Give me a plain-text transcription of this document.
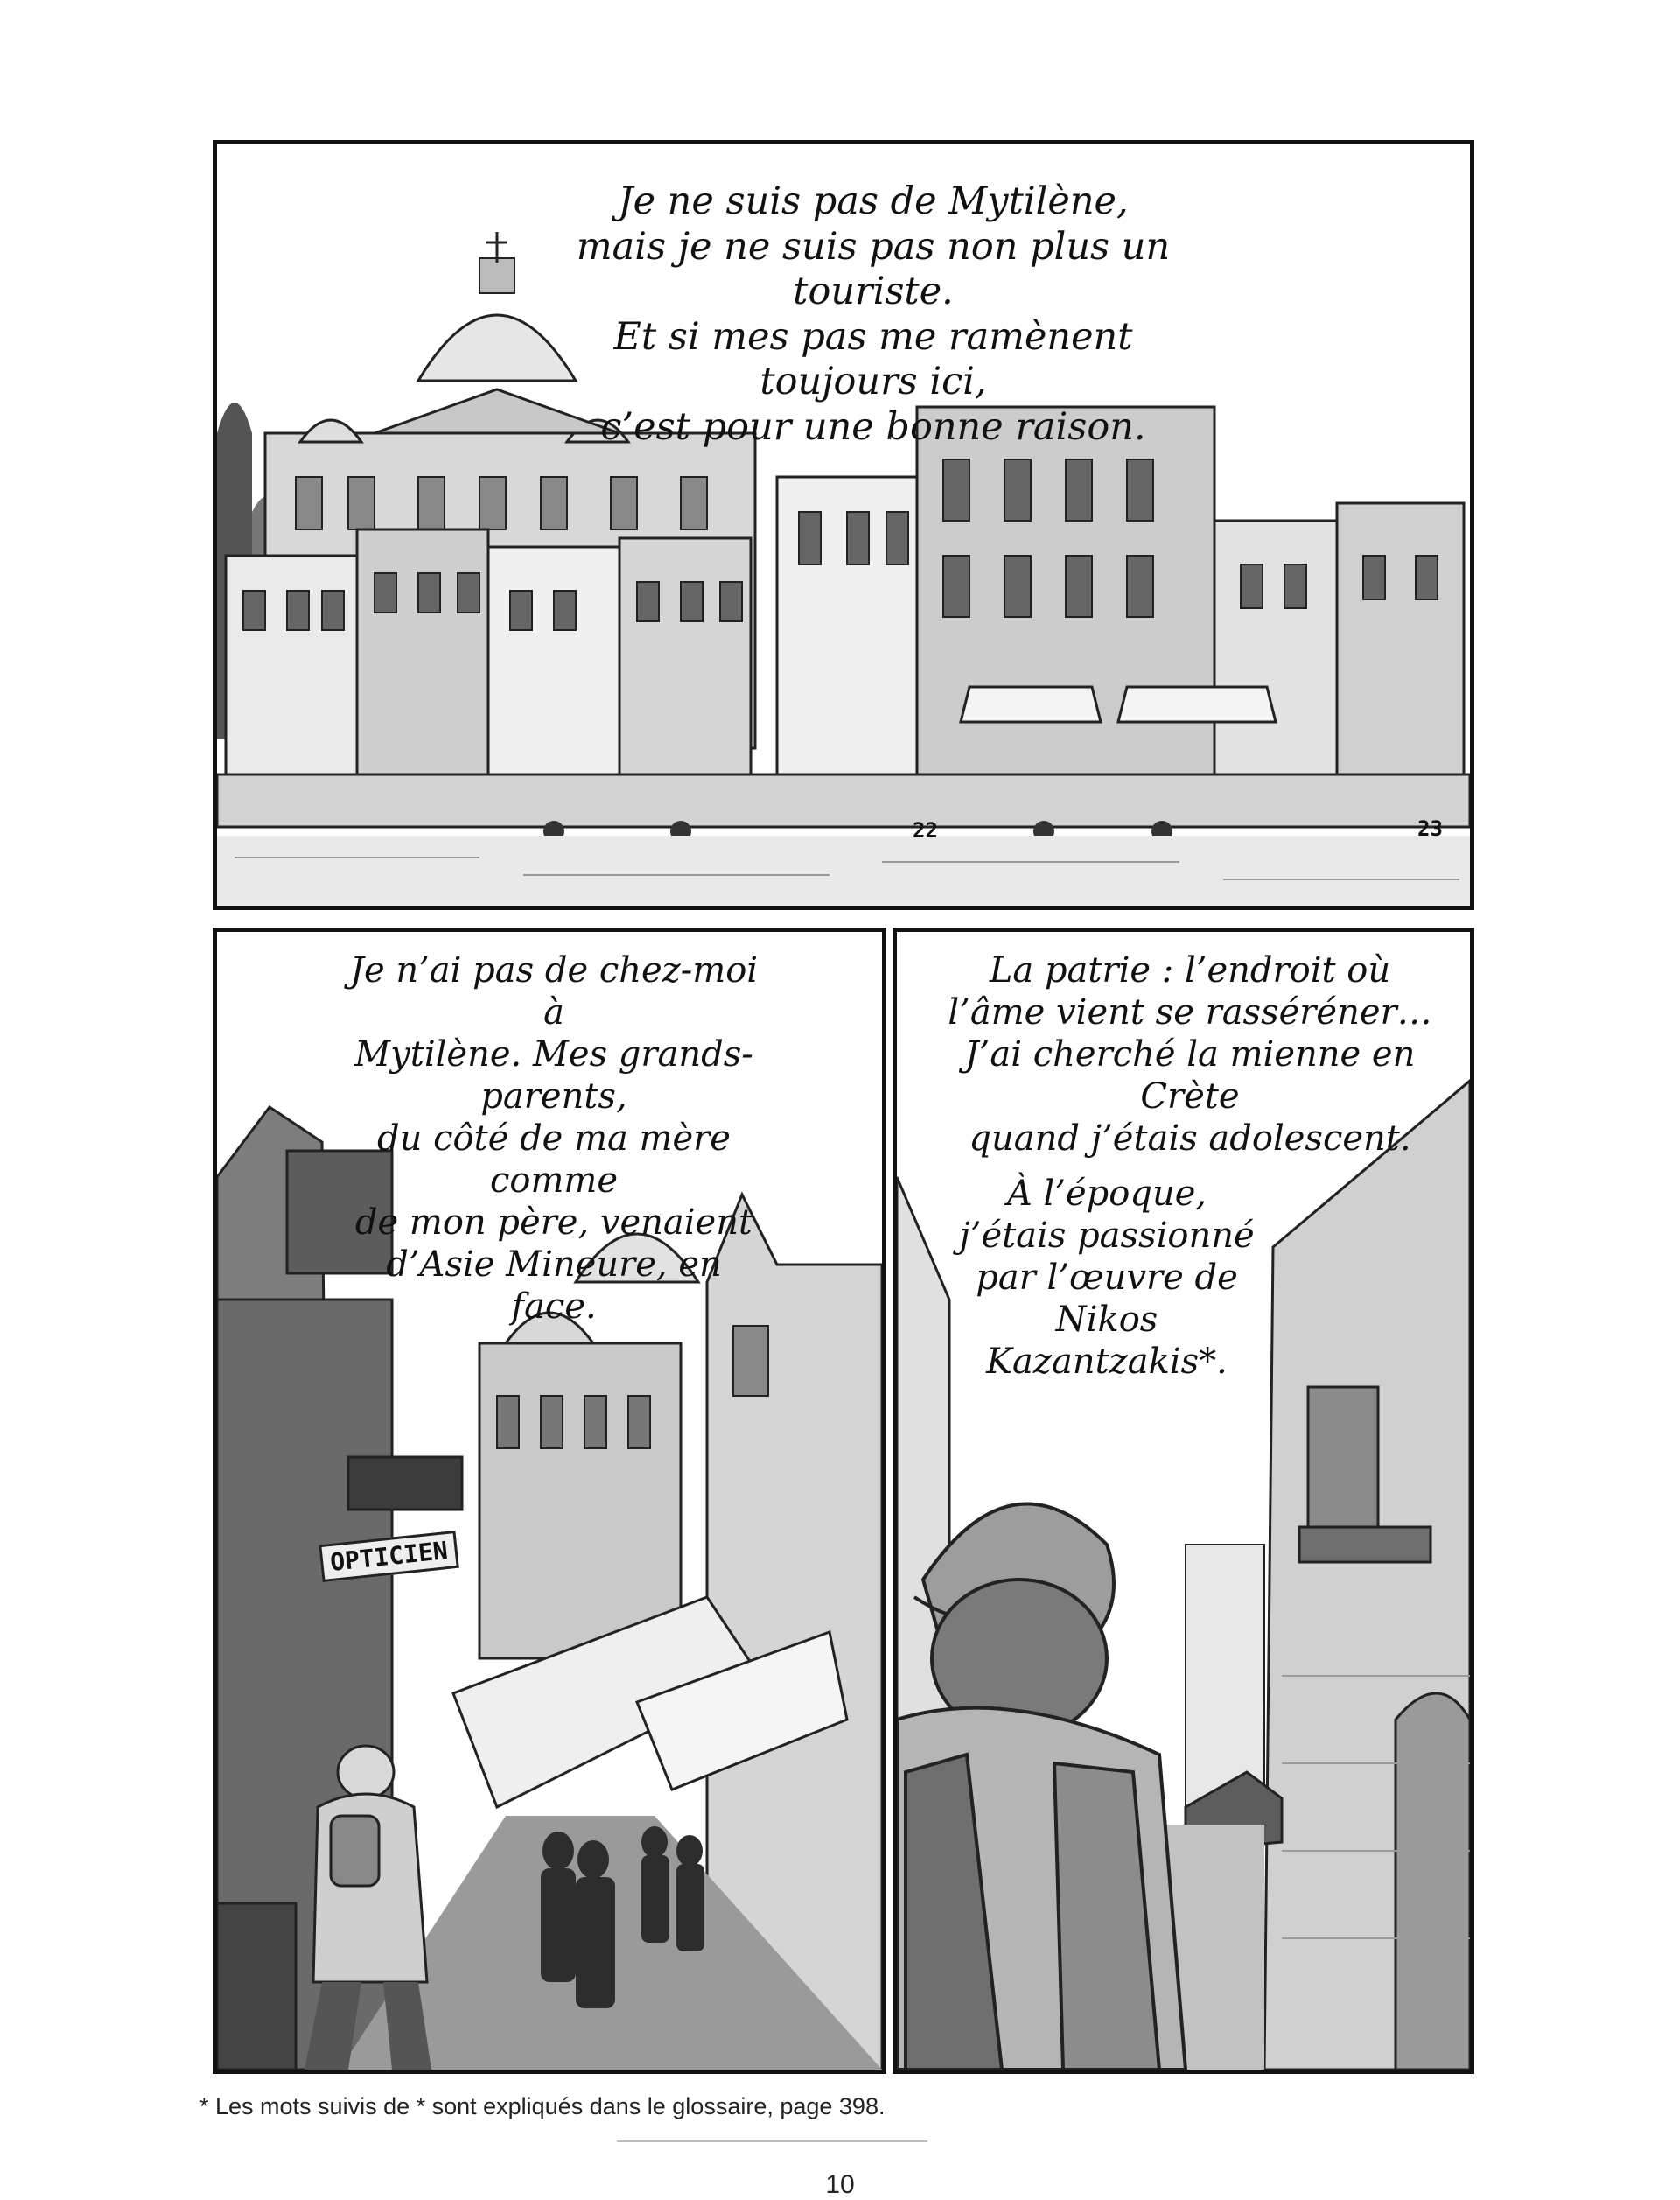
22	23
Je ne suis pas de Mytilène,
mais je ne suis pas non plus un touriste.
Et si mes pas me ramènent toujours ici,
c’est pour une bonne raison.
OPTICIEN
Je n’ai pas de chez-moi à
Mytilène. Mes grands-parents,
du côté de ma mère comme
de mon père, venaient
d’Asie Mineure, en face.
La patrie : l’endroit où
l’âme vient se rasséréner…
J’ai cherché la mienne en Crète
quand j’étais adolescent.
À l’époque,
j’étais passionné
par l’œuvre de
Nikos Kazantzakis*.
* Les mots suivis de * sont expliqués dans le glossaire, page 398.
10
